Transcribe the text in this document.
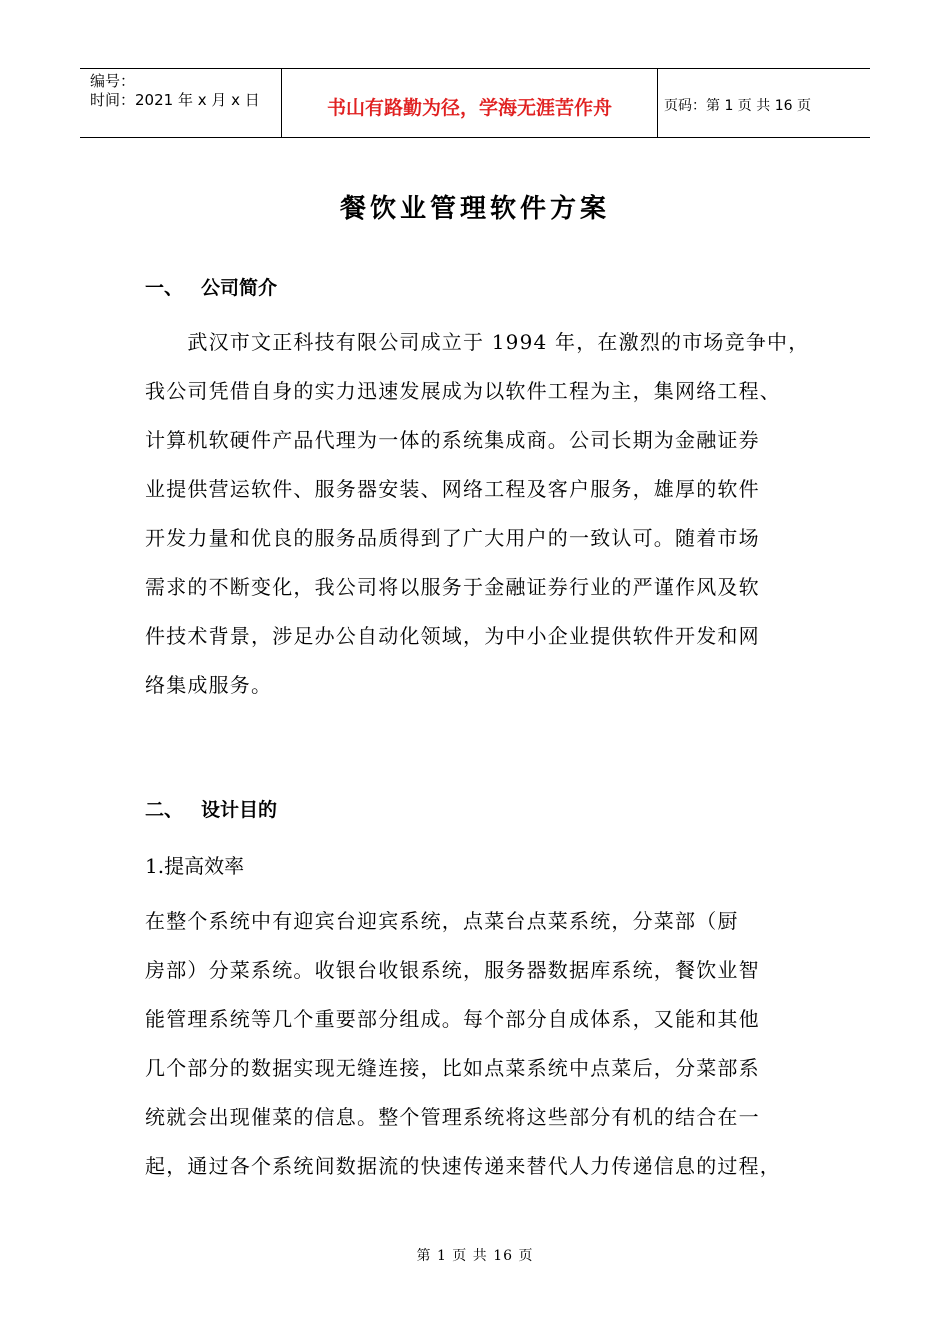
编号：
时间：2021 年 x 月 x 日	书山有路勤为径，学海无涯苦作舟	页码：第 1 页 共 16 页
餐饮业管理软件方案
一、 公司简介
　　武汉市文正科技有限公司成立于 1994 年，在激烈的市场竞争中，
我公司凭借自身的实力迅速发展成为以软件工程为主，集网络工程、
计算机软硬件产品代理为一体的系统集成商。公司长期为金融证券
业提供营运软件、服务器安装、网络工程及客户服务，雄厚的软件
开发力量和优良的服务品质得到了广大用户的一致认可。随着市场
需求的不断变化，我公司将以服务于金融证券行业的严谨作风及软
件技术背景，涉足办公自动化领域，为中小企业提供软件开发和网
络集成服务。
二、 设计目的
1.提高效率
在整个系统中有迎宾台迎宾系统，点菜台点菜系统，分菜部（厨
房部）分菜系统。收银台收银系统，服务器数据库系统，餐饮业智
能管理系统等几个重要部分组成。每个部分自成体系，又能和其他
几个部分的数据实现无缝连接，比如点菜系统中点菜后，分菜部系
统就会出现催菜的信息。整个管理系统将这些部分有机的结合在一
起，通过各个系统间数据流的快速传递来替代人力传递信息的过程，
第 1 页 共 16 页
